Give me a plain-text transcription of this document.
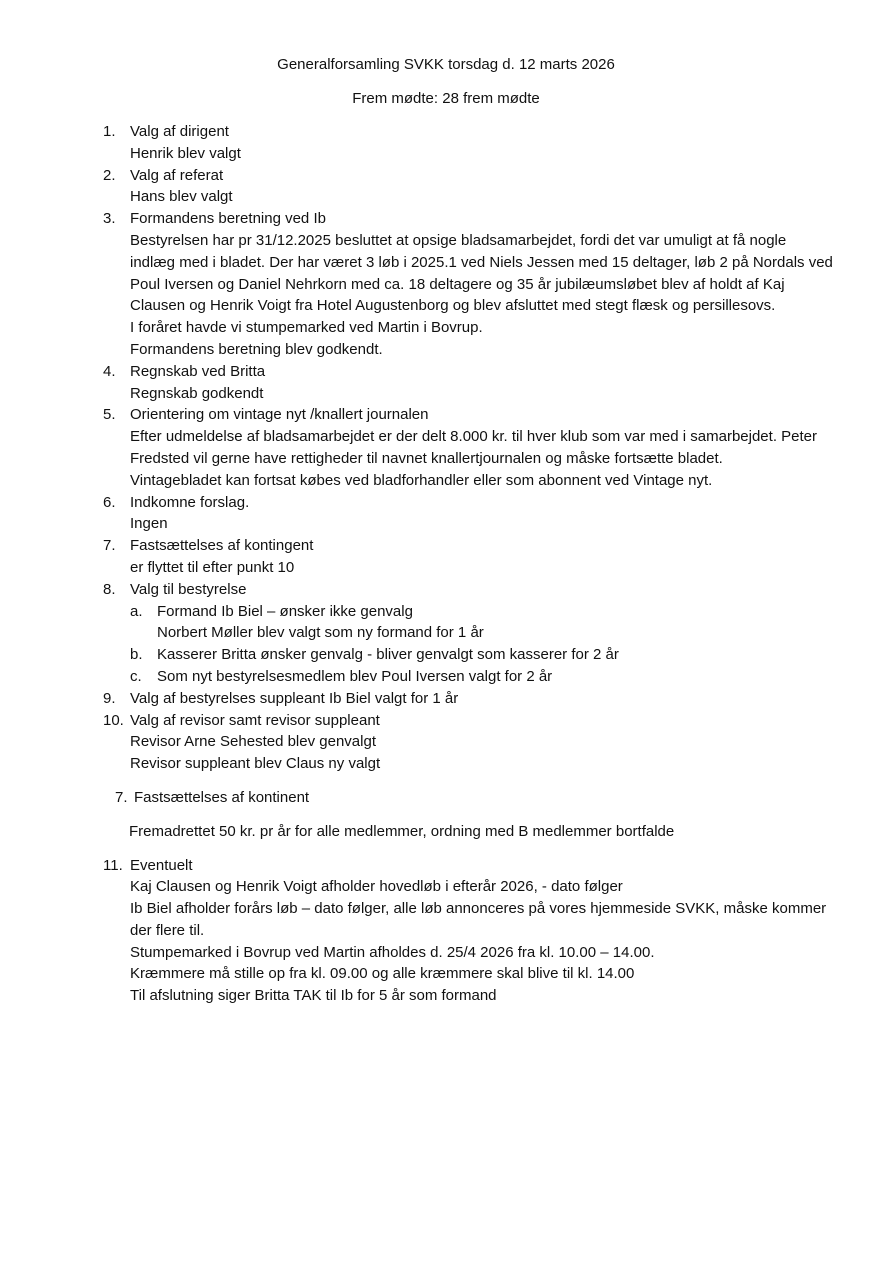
Generalforsamling SVKK torsdag d. 12 marts 2026
Frem mødte: 28 frem mødte
1. Valg af dirigent
Henrik blev valgt
2. Valg af referat
Hans blev valgt
3. Formandens beretning ved Ib
Bestyrelsen har pr 31/12.2025 besluttet at opsige bladsamarbejdet, fordi det var umuligt at få nogle
indlæg med i bladet. Der har været 3 løb i 2025.1 ved Niels Jessen med 15 deltager, løb 2 på Nordals ved
Poul Iversen og Daniel Nehrkorn med ca. 18 deltagere og 35 år jubilæumsløbet blev af holdt af Kaj
Clausen og Henrik Voigt fra Hotel Augustenborg og blev afsluttet med stegt flæsk og persillesovs.
I foråret havde vi stumpemarked ved Martin i Bovrup.
Formandens beretning blev godkendt.
4. Regnskab ved Britta
Regnskab godkendt
5. Orientering om vintage nyt /knallert journalen
Efter udmeldelse af bladsamarbejdet er der delt 8.000 kr. til hver klub som var med i samarbejdet. Peter
Fredsted vil gerne have rettigheder til navnet knallertjournalen og måske fortsætte bladet.
Vintagebladet kan fortsat købes ved bladforhandler eller som abonnent ved Vintage nyt.
6. Indkomne forslag.
Ingen
7. Fastsættelses af kontingent
er flyttet til efter punkt 10
8. Valg til bestyrelse
a. Formand Ib Biel – ønsker ikke genvalg
Norbert Møller blev valgt som ny formand for 1 år
b. Kasserer Britta ønsker genvalg - bliver genvalgt som kasserer for 2 år
c. Som nyt bestyrelsesmedlem blev Poul Iversen valgt for 2 år
9. Valg af bestyrelses suppleant Ib Biel valgt for 1 år
10. Valg af revisor samt revisor suppleant
Revisor Arne Sehested blev genvalgt
Revisor suppleant blev Claus ny valgt
7. Fastsættelses af kontinent
Fremadrettet 50 kr. pr år for alle medlemmer, ordning med B medlemmer bortfalde
11. Eventuelt
Kaj Clausen og Henrik Voigt afholder hovedløb i efterår 2026, - dato følger
Ib Biel afholder forårs løb – dato følger, alle løb annonceres på vores hjemmeside SVKK, måske kommer
der flere til.
Stumpemarked i Bovrup ved Martin afholdes d. 25/4 2026 fra kl. 10.00 – 14.00.
Kræmmere må stille op fra kl. 09.00 og alle kræmmere skal blive til kl. 14.00
Til afslutning siger Britta TAK til Ib for 5 år som formand
